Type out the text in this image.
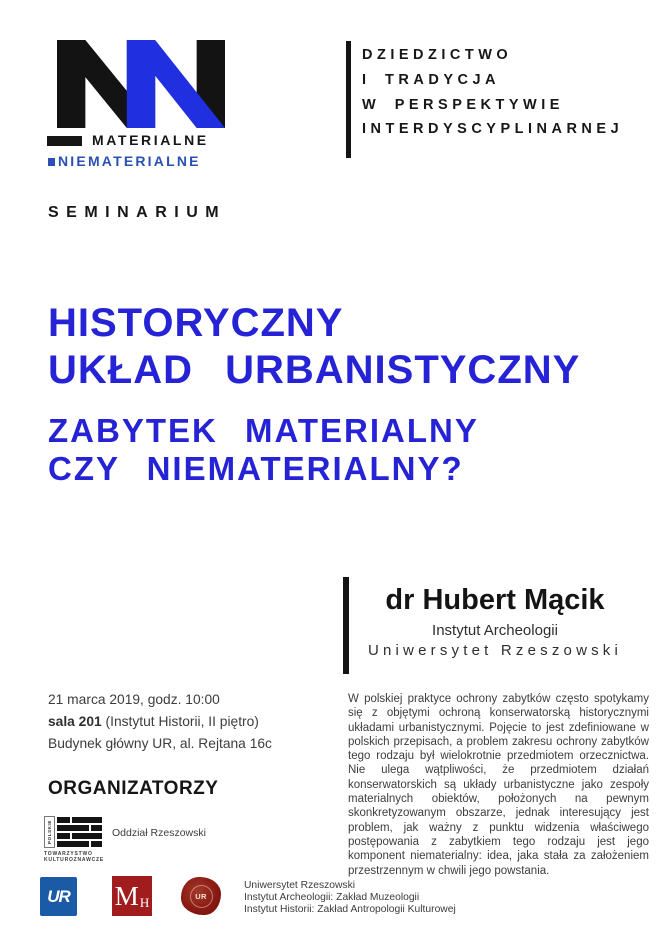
MATERIALNE
NIEMATERIALNE
SEMINARIUM
DZIEDZICTWO
I TRADYCJA
W PERSPEKTYWIE
INTERDYSCYPLINARNEJ
HISTORYCZNY
UKŁAD URBANISTYCZNY
ZABYTEK MATERIALNY
CZY NIEMATERIALNY?
dr Hubert Mącik
Instytut Archeologii
Uniwersytet Rzeszowski
21 marca 2019, godz. 10:00
sala 201 (Instytut Historii, II piętro)
Budynek główny UR, al. Rejtana 16c
ORGANIZATORZY
POLSKIE
TOWARZYSTWO
KULTUROZNAWCZE
Oddział Rzeszowski

W polskiej praktyce ochrony zabytków często spotykamy się z objętymi ochroną konserwatorską historycznymi układami urbanistycznymi. Pojęcie to jest zdefiniowane w polskich przepisach, a problem zakresu ochrony zabytków tego rodzaju był wielokrotnie przedmiotem orzecznictwa. Nie ulega wątpliwości, że przedmiotem działań konserwatorskich są układy urbanistyczne jako zespoły materialnych obiektów, położonych na pewnym skonkretyzowanym obszarze, jednak interesujący jest problem, jak ważny z punktu widzenia właściwego postępowania z zabytkiem tego rodzaju jest jego komponent niematerialny: idea, jaka stała za założeniem przestrzennym w chwili jego powstania.

UR M H	UR
Uniwersytet Rzeszowski
Instytut Archeologii: Zakład Muzeologii
Instytut Historii: Zakład Antropologii Kulturowej
